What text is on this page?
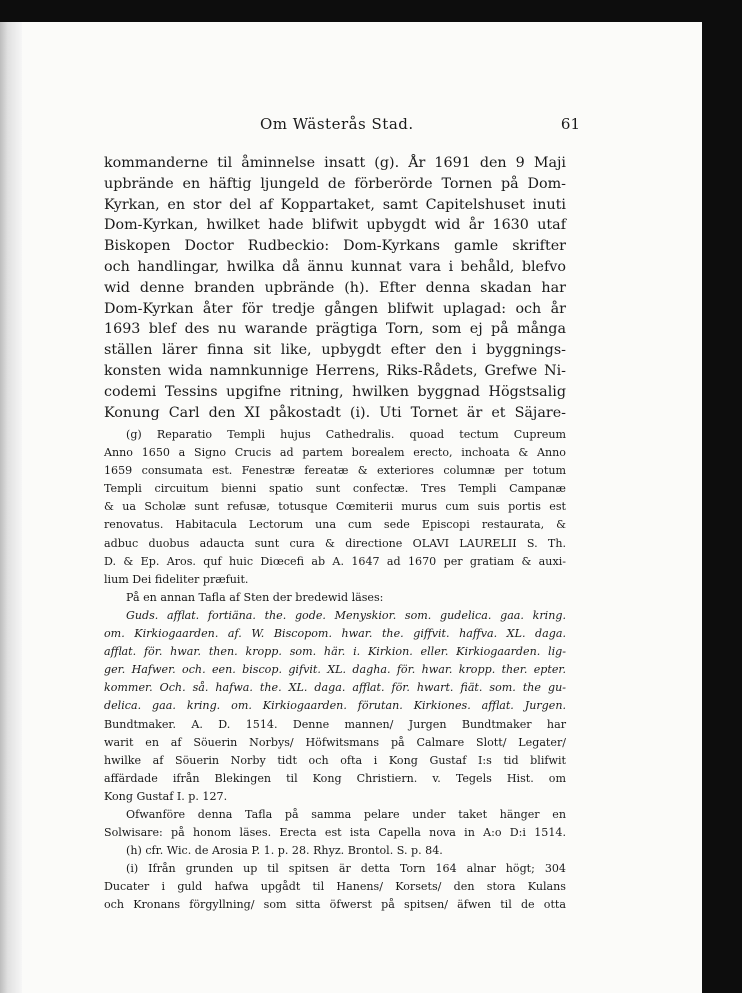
Om Wästerås Stad.	61
kommanderne til åminnelse insatt (g). År 1691 den 9 Maji
upbrände en häftig ljungeld de förberörde Tornen på Dom-
Kyrkan, en stor del af Koppartaket, samt Capitelshuset inuti
Dom-Kyrkan, hwilket hade blifwit upbygdt wid år 1630 utaf
Biskopen Doctor Rudbeckio: Dom-Kyrkans gamle skrifter
och handlingar, hwilka då ännu kunnat vara i behåld, blefvo
wid denne branden upbrände (h). Efter denna skadan har
Dom-Kyrkan åter för tredje gången blifwit uplagad: och år
1693 blef des nu warande prägtiga Torn, som ej på många
ställen lärer finna sit like, upbygdt efter den i byggnings-
konsten wida namnkunnige Herrens, Riks-Rådets, Grefwe Ni-
codemi Tessins upgifne ritning, hwilken byggnad Högstsalig
Konung Carl den XI påkostadt (i). Uti Tornet är et Säjare-
(g) Reparatio Templi hujus Cathedralis. quoad tectum Cupreum
Anno 1650 a Signo Crucis ad partem borealem erecto, inchoata & Anno
1659 consumata est. Fenestræ fereatæ & exteriores columnæ per totum
Templi circuitum bienni spatio sunt confectæ. Tres Templi Campanæ
& ua Scholæ sunt refusæ, totusque Cœmiterii murus cum suis portis est
renovatus. Habitacula Lectorum una cum sede Episcopi restaurata, &
adbuc duobus adaucta sunt cura & directione OLAVI LAURELII S. Th.
D. & Ep. Aros. quf huic Diœcefi ab A. 1647 ad 1670 per gratiam & auxi-
lium Dei fideliter præfuit.
På en annan Tafla af Sten der bredewid läses:
Guds. afflat. fortiäna. the. gode. Menyskior. som. gudelica. gaa. kring.
om. Kirkiogaarden. af. W. Biscopom. hwar. the. giffvit. haffva. XL. daga.
afflat. för. hwar. then. kropp. som. här. i. Kirkion. eller. Kirkiogaarden. lig-
ger. Hafwer. och. een. biscop. gifvit. XL. dagha. för. hwar. kropp. ther. epter.
kommer. Och. så. hafwa. the. XL. daga. afflat. för. hwart. fiät. som. the gu-
delica. gaa. kring. om. Kirkiogaarden. förutan. Kirkiones. afflat. Jurgen.
Bundtmaker. A. D. 1514. Denne mannen/ Jurgen Bundtmaker har
warit en af Söuerin Norbys/ Höfwitsmans på Calmare Slott/ Legater/
hwilke af Söuerin Norby tidt och ofta i Kong Gustaf I:s tid blifwit
affärdade ifrån Blekingen til Kong Christiern. v. Tegels Hist. om
Kong Gustaf I. p. 127.
Ofwanföre denna Tafla på samma pelare under taket hänger en
Solwisare: på honom läses. Erecta est ista Capella nova in A:o D:i 1514.
(h) cfr. Wic. de Arosia P. 1. p. 28. Rhyz. Brontol. S. p. 84.
(i) Ifrån grunden up til spitsen är detta Torn 164 alnar högt; 304
Ducater i guld hafwa upgådt til Hanens/ Korsets/ den stora Kulans
och Kronans förgyllning/ som sitta öfwerst på spitsen/ äfwen til de otta
